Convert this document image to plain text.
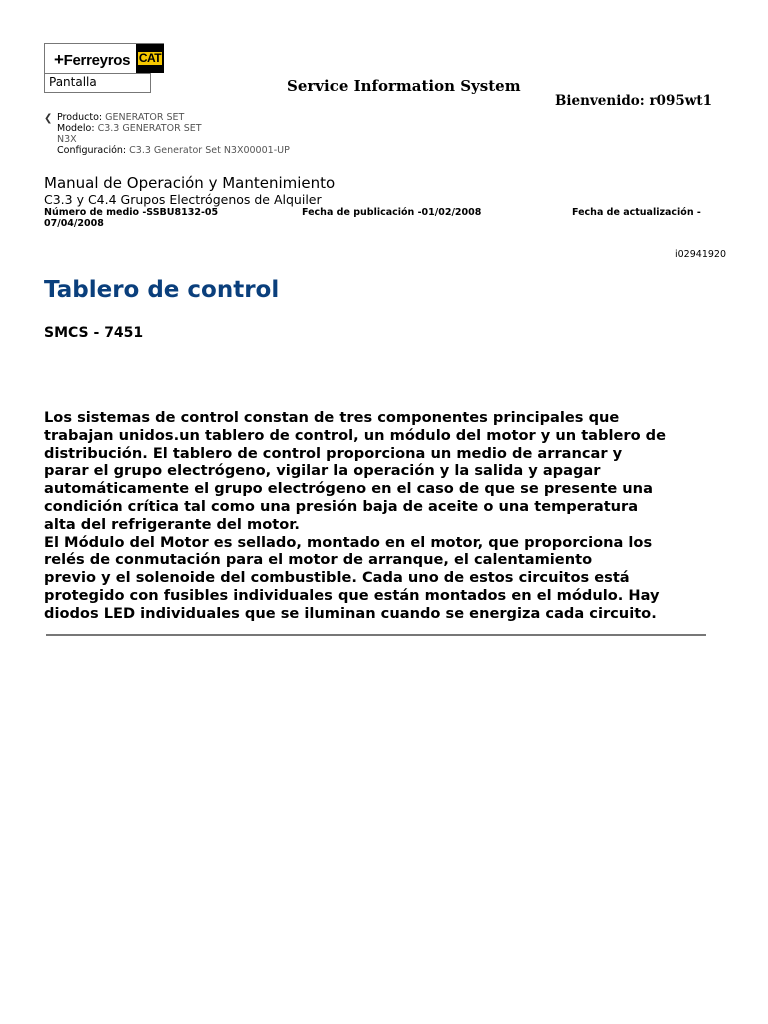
+Ferreyros CAT
Pantalla	Service Information System
Bienvenido: r095wt1
❮ Producto: GENERATOR SET
Modelo: C3.3 GENERATOR SET
N3X
Configuración: C3.3 Generator Set N3X00001-UP
Manual de Operación y Mantenimiento
C3.3 y C4.4 Grupos Electrógenos de Alquiler
Número de medio -SSBU8132-05	Fecha de publicación -01/02/2008	Fecha de actualización -
07/04/2008
i02941920
Tablero de control
SMCS - 7451
Los sistemas de control constan de tres componentes principales que
trabajan unidos.un tablero de control, un módulo del motor y un tablero de
distribución. El tablero de control proporciona un medio de arrancar y
parar el grupo electrógeno, vigilar la operación y la salida y apagar
automáticamente el grupo electrógeno en el caso de que se presente una
condición crítica tal como una presión baja de aceite o una temperatura
alta del refrigerante del motor.
El Módulo del Motor es sellado, montado en el motor, que proporciona los
relés de conmutación para el motor de arranque, el calentamiento
previo y el solenoide del combustible. Cada uno de estos circuitos está
protegido con fusibles individuales que están montados en el módulo. Hay
diodos LED individuales que se iluminan cuando se energiza cada circuito.
